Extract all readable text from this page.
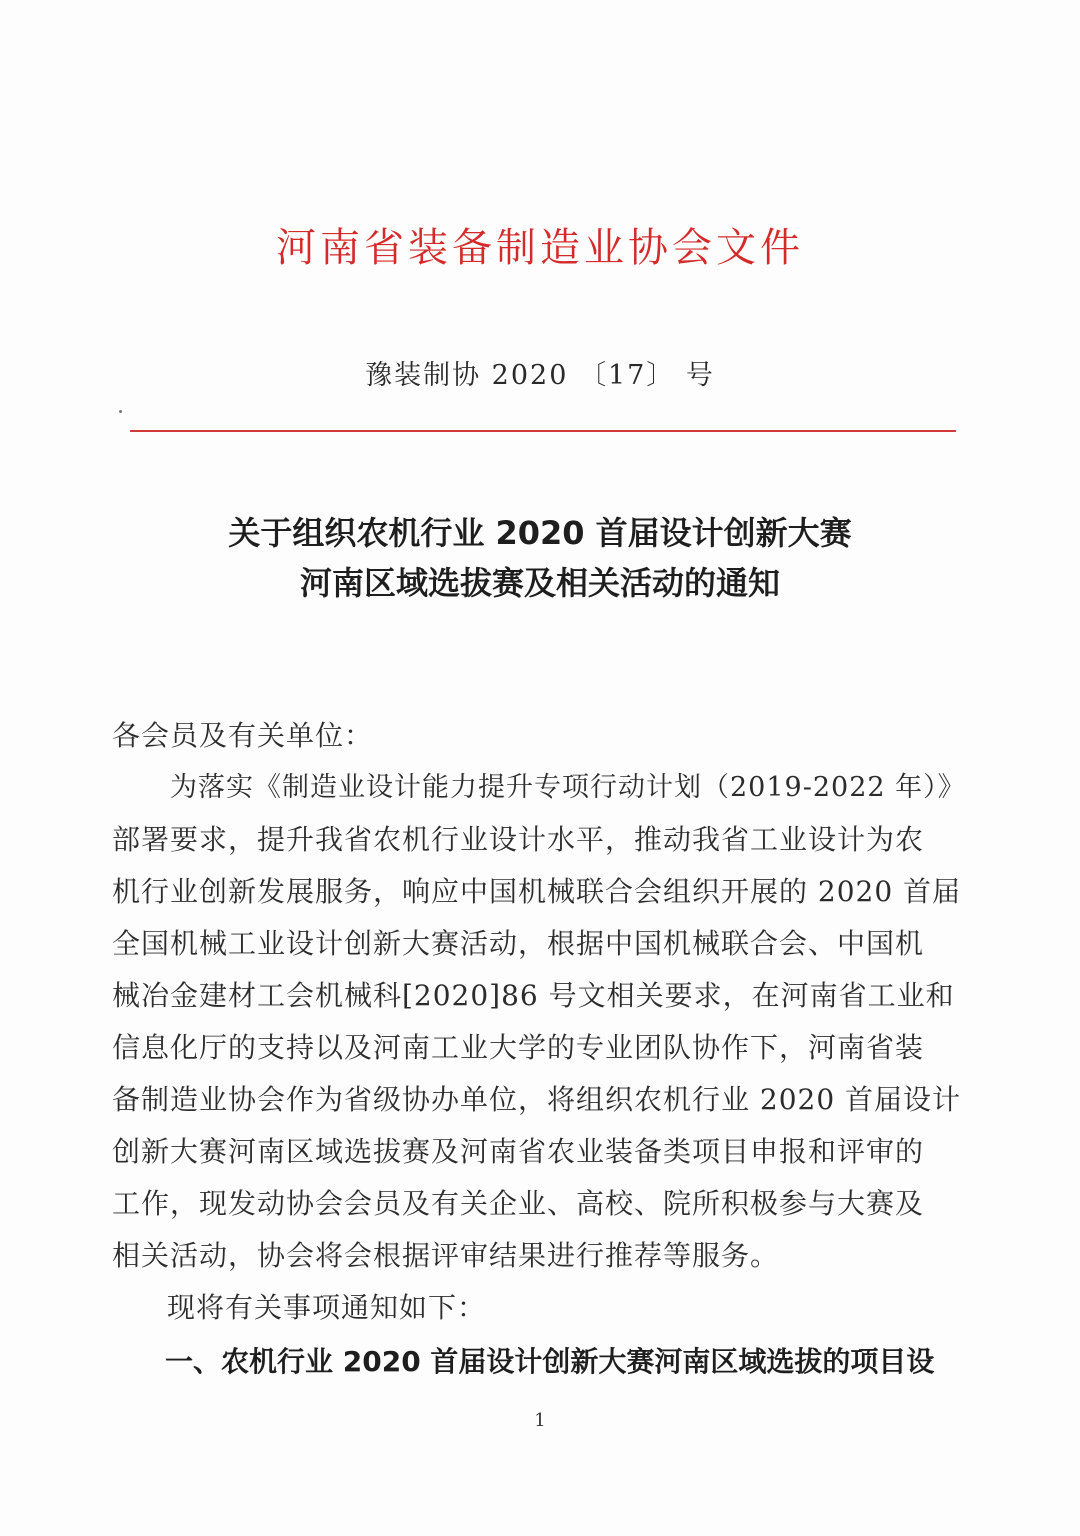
河南省装备制造业协会文件
豫装制协 2020 〔17〕 号
关于组织农机行业 2020 首届设计创新大赛
河南区域选拔赛及相关活动的通知
各会员及有关单位：
为落实《制造业设计能力提升专项行动计划（2019-2022 年）》
部署要求，提升我省农机行业设计水平，推动我省工业设计为农
机行业创新发展服务，响应中国机械联合会组织开展的 2020 首届
全国机械工业设计创新大赛活动，根据中国机械联合会、中国机
械冶金建材工会机械科[2020]86 号文相关要求，在河南省工业和
信息化厅的支持以及河南工业大学的专业团队协作下，河南省装
备制造业协会作为省级协办单位，将组织农机行业 2020 首届设计
创新大赛河南区域选拔赛及河南省农业装备类项目申报和评审的
工作，现发动协会会员及有关企业、高校、院所积极参与大赛及
相关活动，协会将会根据评审结果进行推荐等服务。
现将有关事项通知如下：
一、农机行业 2020 首届设计创新大赛河南区域选拔的项目设
1
